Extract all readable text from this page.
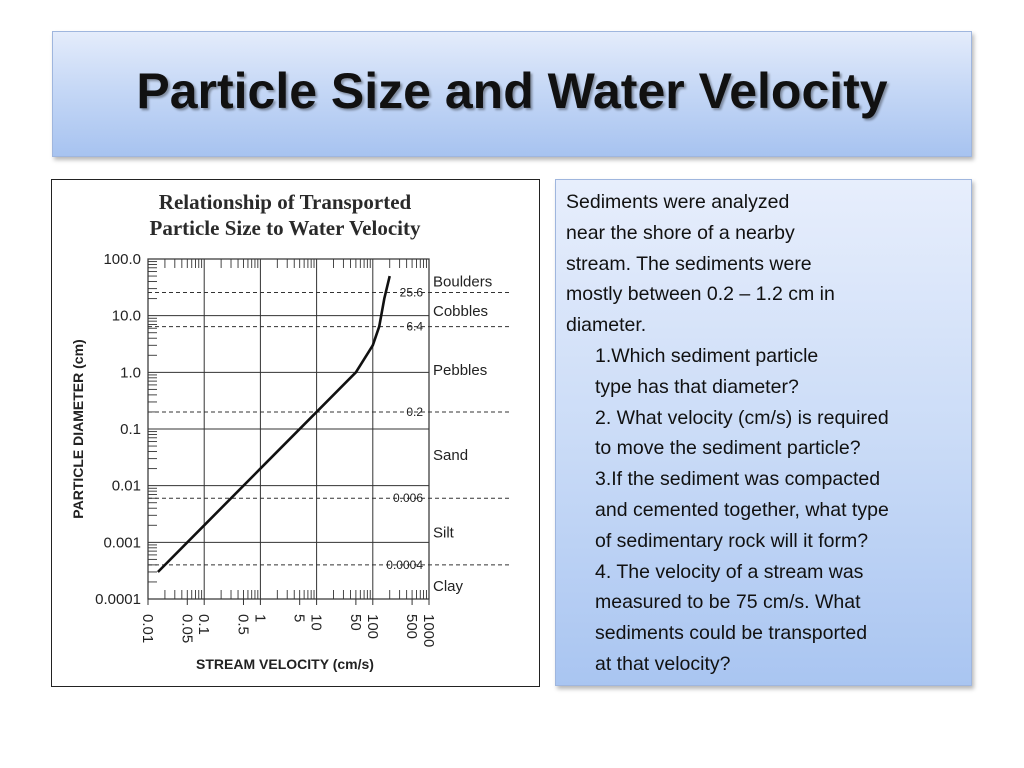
Particle Size and Water Velocity
Relationship of Transported
Particle Size to Water Velocity
0.01 0.05 0.1 0.5 1 5 10 50 100 500 1000
100.0
10.0
1.0
0.1
0.01
0.001
0.0001
25.6
6.4
0.2
0.006
0.0004
Boulders
Cobbles
Pebbles
Sand
Silt
Clay
STREAM VELOCITY (cm/s)
PARTICLE DIAMETER (cm)
Sediments were analyzed
near the shore of a nearby
stream. The sediments were
mostly between 0.2 – 1.2 cm in
diameter.
1.Which sediment particle
type has that diameter?
2. What velocity (cm/s) is required
to move the sediment particle?
3.If the sediment was compacted
and cemented together, what type
of sedimentary rock will it form?
4. The velocity of a stream was
measured to be 75 cm/s. What
sediments could be transported
at that velocity?
